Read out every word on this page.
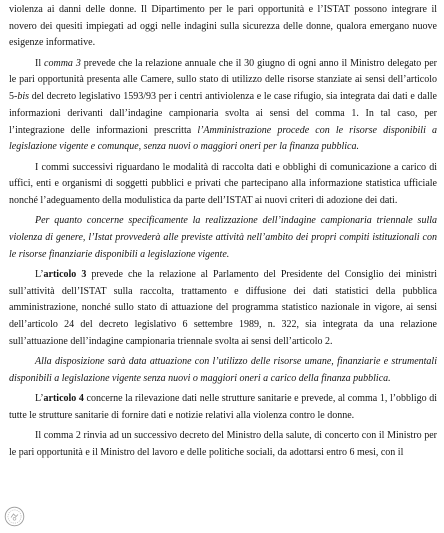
violenza ai danni delle donne. Il Dipartimento per le pari opportunità e l’ISTAT possono integrare il novero dei quesiti impiegati ad oggi nelle indagini sulla sicurezza delle donne, qualora emergano nuove esigenze informative.

Il comma 3 prevede che la relazione annuale che il 30 giugno di ogni anno il Ministro delegato per le pari opportunità presenta alle Camere, sullo stato di utilizzo delle risorse stanziate ai sensi dell’articolo 5-bis del decreto legislativo 1593/93 per i centri antiviolenza e le case rifugio, sia integrata dai dati e dalle informazioni derivanti dall’indagine campionaria svolta ai sensi del comma 1. In tal caso, per l’integrazione delle informazioni prescritta l’Amministrazione procede con le risorse disponibili a legislazione vigente e comunque, senza nuovi o maggiori oneri per la finanza pubblica.

I commi successivi riguardano le modalità di raccolta dati e obblighi di comunicazione a carico di uffici, enti e organismi di soggetti pubblici e privati che partecipano alla informazione statistica ufficiale nonché l’adeguamento della modulistica da parte dell’ISTAT ai nuovi criteri di adozione dei dati.

Per quanto concerne specificamente la realizzazione dell’indagine campionaria triennale sulla violenza di genere, l’Istat provvederà alle previste attività nell’ambito dei propri compiti istituzionali con le risorse finanziarie disponibili a legislazione vigente.

L’articolo 3 prevede che la relazione al Parlamento del Presidente del Consiglio dei ministri sull’attività dell’ISTAT sulla raccolta, trattamento e diffusione dei dati statistici della pubblica amministrazione, nonché sullo stato di attuazione del programma statistico nazionale in vigore, ai sensi dell’articolo 24 del decreto legislativo 6 settembre 1989, n. 322, sia integrata da una relazione sull’attuazione dell’indagine campionaria triennale svolta ai sensi dell’articolo 2.

Alla disposizione sarà data attuazione con l’utilizzo delle risorse umane, finanziarie e strumentali disponibili a legislazione vigente senza nuovi o maggiori oneri a carico della finanza pubblica.

L’articolo 4 concerne la rilevazione dati nelle strutture sanitarie e prevede, al comma 1, l’obbligo di tutte le strutture sanitarie di fornire dati e notizie relativi alla violenza contro le donne.

Il comma 2 rinvia ad un successivo decreto del Ministro della salute, di concerto con il Ministro per le pari opportunità e il Ministro del lavoro e delle politiche sociali, da adottarsi entro 6 mesi, con il
